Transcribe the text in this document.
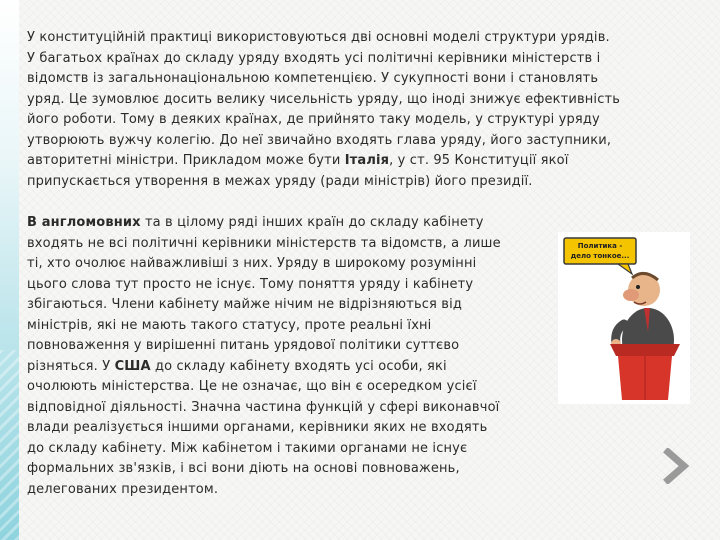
У конституційній практиці використовуються дві основні моделі структури урядів.
У багатьох країнах до складу уряду входять усі політичні керівники міністерств і
відомств із загальнонаціональною компетенцією. У сукупності вони і становлять
уряд. Це зумовлює досить велику чисельність уряду, що іноді знижує ефективність
його роботи. Тому в деяких країнах, де прийнято таку модель, у структурі уряду
утворюють вужчу колегію. До неї звичайно входять глава уряду, його заступники,
авторитетні міністри. Прикладом може бути Італія, у ст. 95 Конституції якої
припускається утворення в межах уряду (ради міністрів) його президії.
В англомовних та в цілому ряді інших країн до складу кабінету
входять не всі політичні керівники міністерств та відомств, а лише
ті, хто очолює найважливіші з них. Уряду в широкому розумінні
цього слова тут просто не існує. Тому поняття уряду і кабінету
збігаються. Члени кабінету майже нічим не відрізняються від
міністрів, які не мають такого статусу, проте реальні їхні
повноваження у вирішенні питань урядової політики суттєво
різняться. У США до складу кабінету входять усі особи, які
очолюють міністерства. Це не означає, що він є осередком усієї
відповідної діяльності. Значна частина функцій у сфері виконавчої
влади реалізується іншими органами, керівники яких не входять
до складу кабінету. Між кабінетом і такими органами не існує
формальних зв'язків, і всі вони діють на основі повноважень,
делегованих президентом.
Политика -
дело тонкое...
